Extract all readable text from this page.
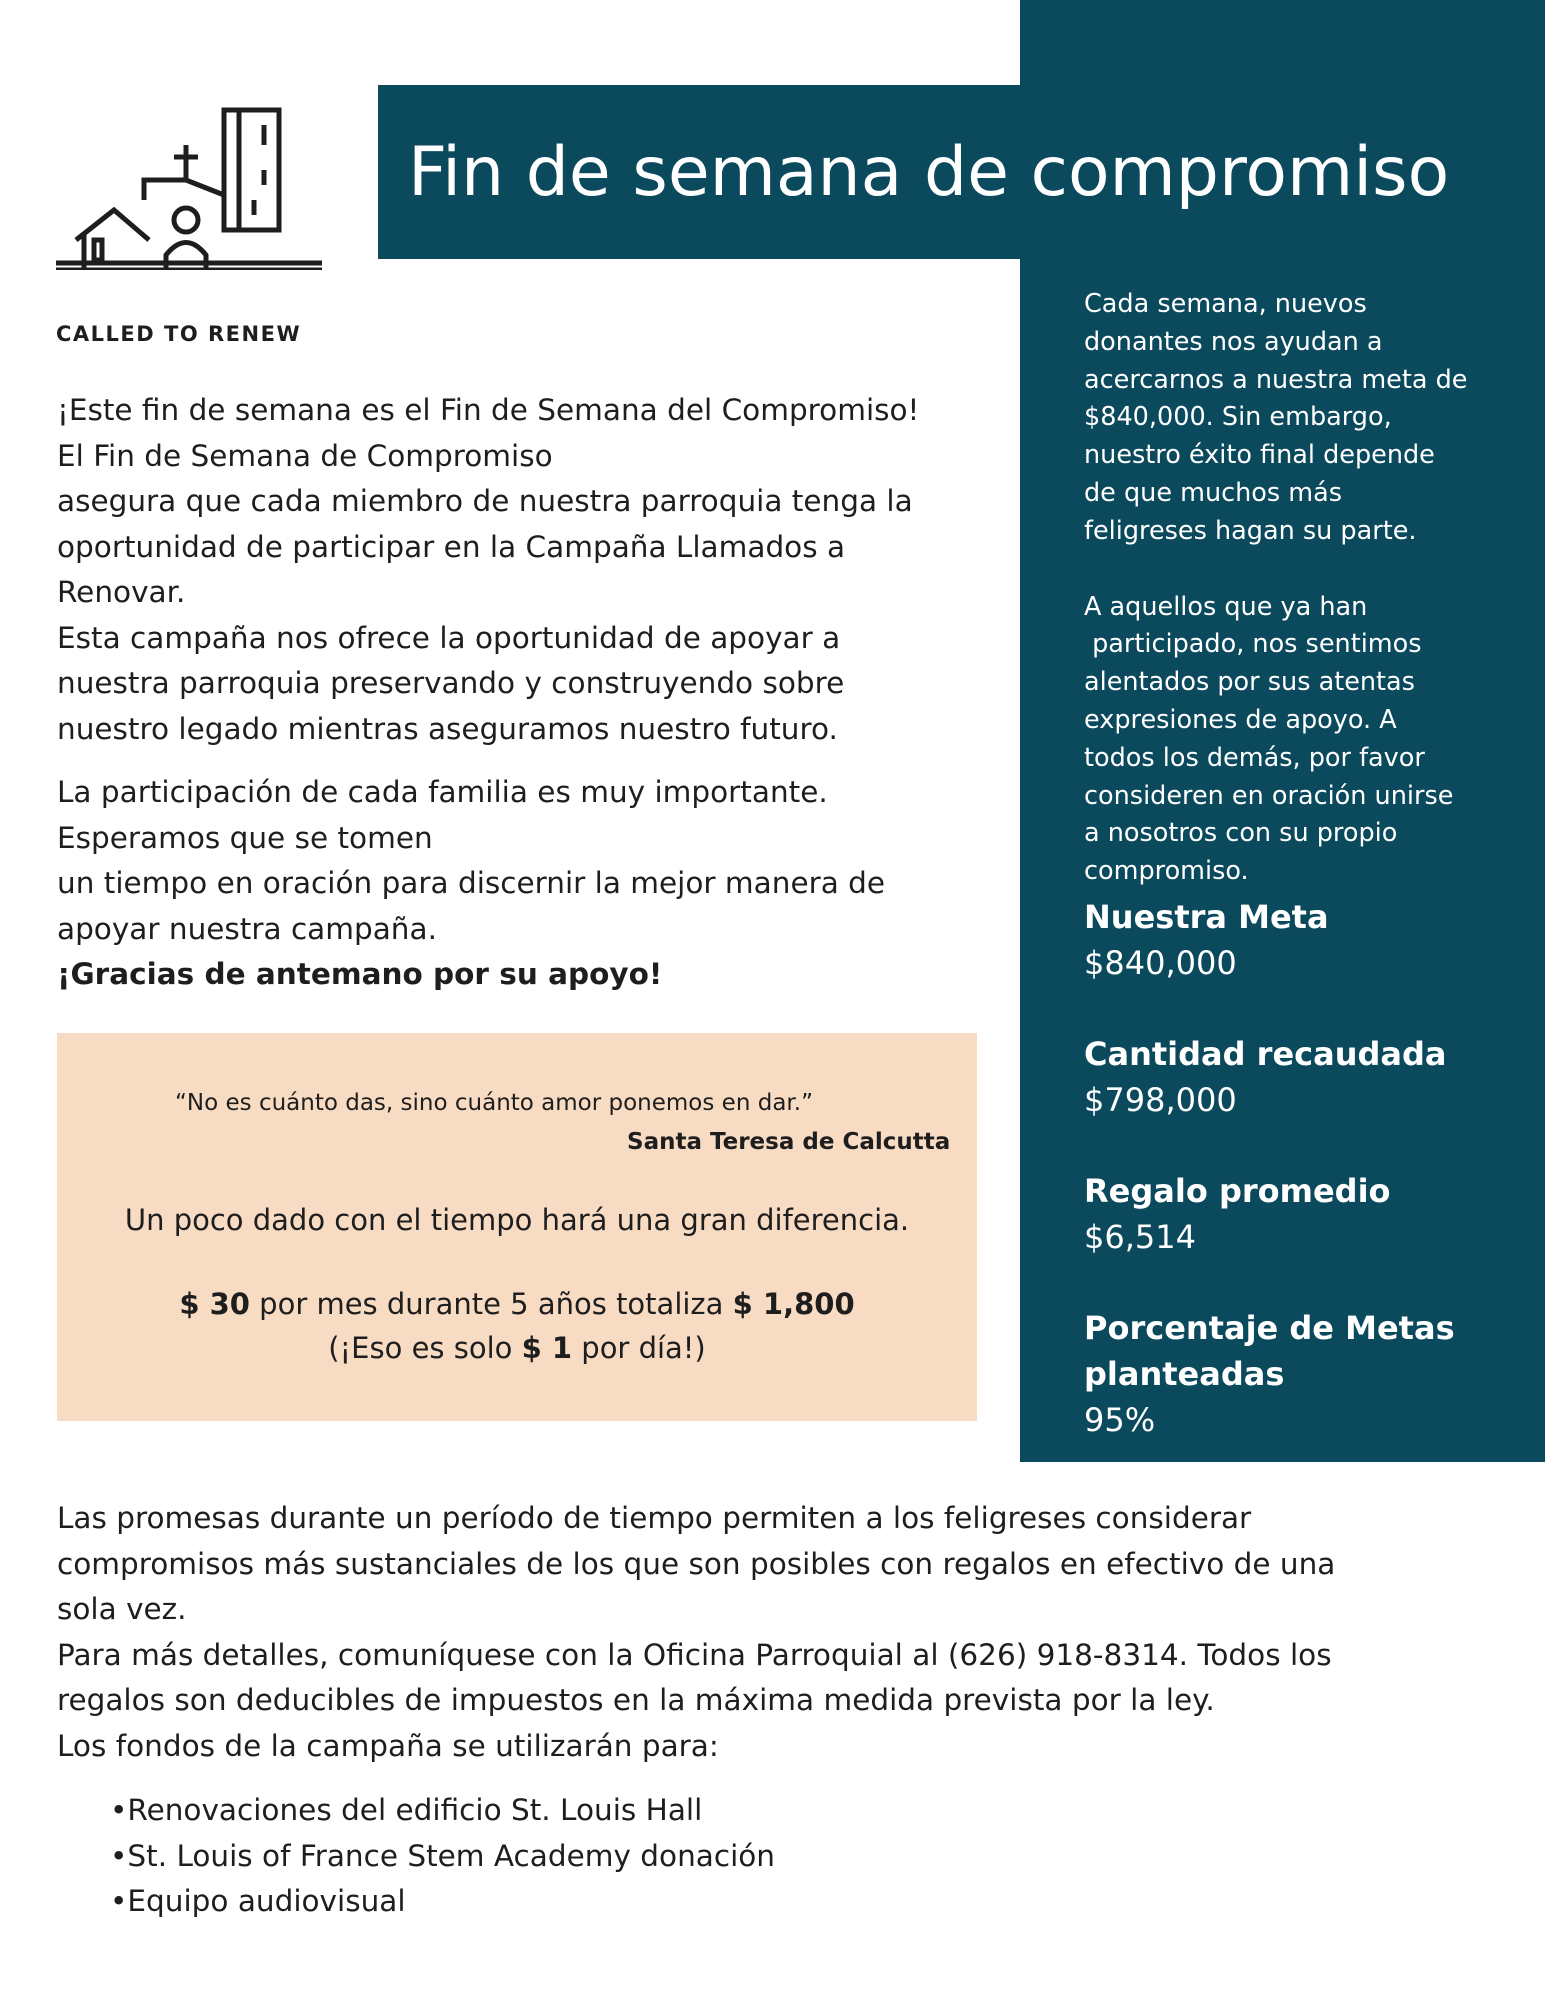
Fin de semana de compromiso
CALLED TO RENEW

¡Este fin de semana es el Fin de Semana del Compromiso!

El Fin de Semana de Compromiso

asegura que cada miembro de nuestra parroquia tenga la

oportunidad de participar en la Campaña Llamados a

Renovar.

Esta campaña nos ofrece la oportunidad de apoyar a

nuestra parroquia preservando y construyendo sobre

nuestro legado mientras aseguramos nuestro futuro.

La participación de cada familia es muy importante.

Esperamos que se tomen

un tiempo en oración para discernir la mejor manera de

apoyar nuestra campaña.

¡Gracias de antemano por su apoyo!

“No es cuánto das, sino cuánto amor ponemos en dar.”
Santa Teresa de Calcutta
Un poco dado con el tiempo hará una gran diferencia.
$ 30 por mes durante 5 años totaliza $ 1,800
(¡Eso es solo $ 1 por día!)

Cada semana, nuevos

donantes nos ayudan a

acercarnos a nuestra meta de

$840,000. Sin embargo,

nuestro éxito final depende

de que muchos más

feligreses hagan su parte.

A aquellos que ya han

participado, nos sentimos

alentados por sus atentas

expresiones de apoyo. A

todos los demás, por favor

consideren en oración unirse

a nosotros con su propio

compromiso.

Nuestra Meta
$840,000
Cantidad recaudada
$798,000
Regalo promedio
$6,514
Porcentaje de Metas planteadas
95%

Las promesas durante un período de tiempo permiten a los feligreses considerar

compromisos más sustanciales de los que son posibles con regalos en efectivo de una

sola vez.

Para más detalles, comuníquese con la Oficina Parroquial al (626) 918-8314. Todos los

regalos son deducibles de impuestos en la máxima medida prevista por la ley.

Los fondos de la campaña se utilizarán para:

• Renovaciones del edificio St. Louis Hall
• St. Louis of France Stem Academy donación
• Equipo audiovisual
